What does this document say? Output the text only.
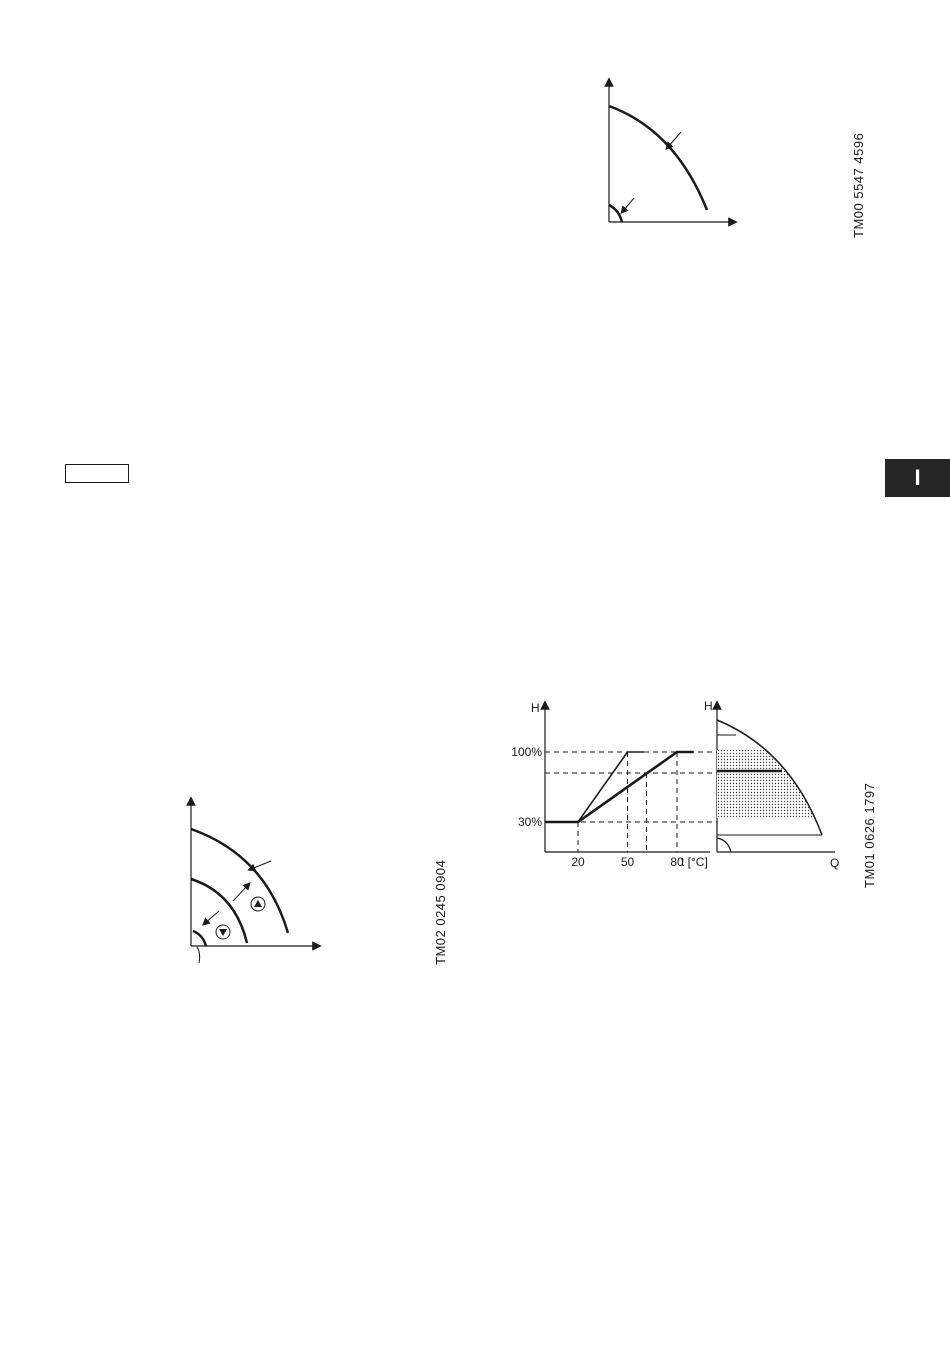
I
TM00 5547 4596
TM02 0245 0904
TM01 0626 1797
H
20	50	80
100%
30%
t [°C]
H
Q
